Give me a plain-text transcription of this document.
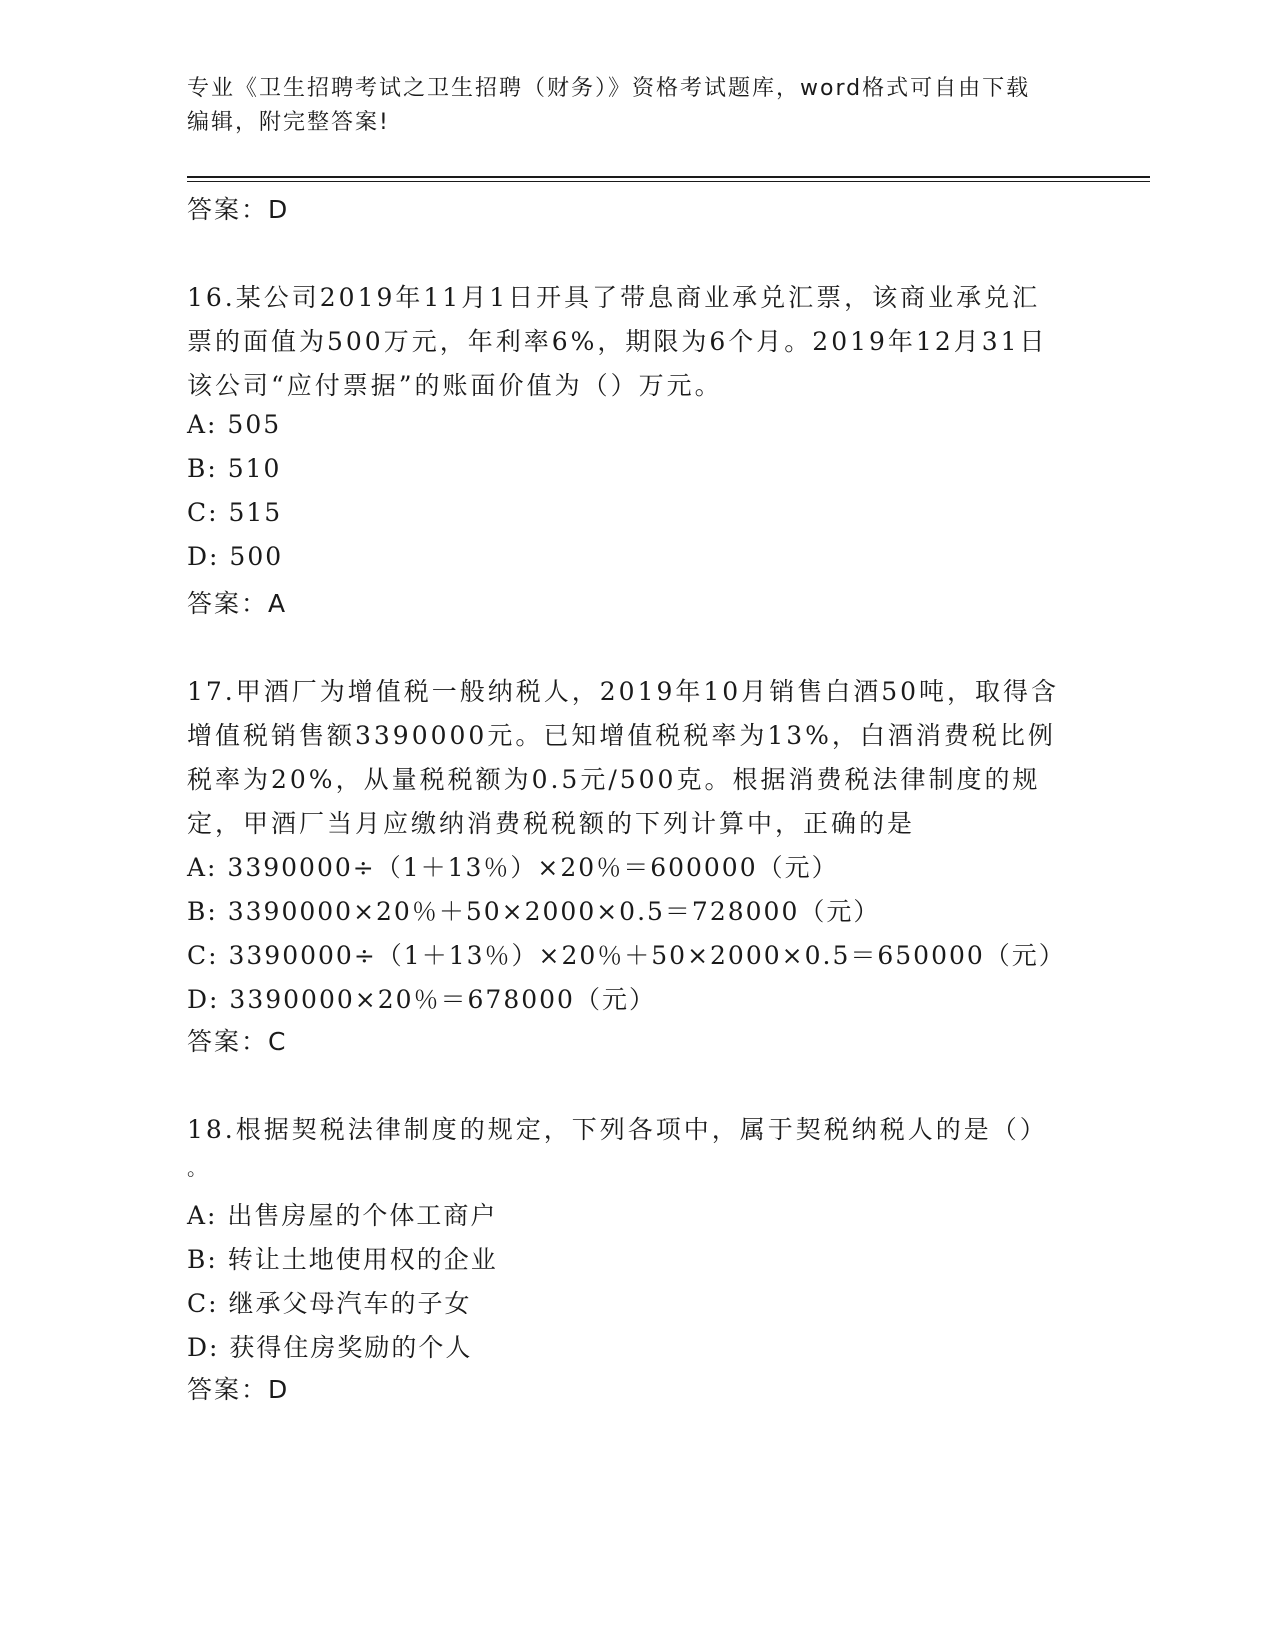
专业《卫生招聘考试之卫生招聘（财务）》资格考试题库，word格式可自由下载
编辑，附完整答案!
答案：D
16.某公司2019年11月1日开具了带息商业承兑汇票，该商业承兑汇
票的面值为500万元，年利率6%，期限为6个月。2019年12月31日
该公司“应付票据”的账面价值为（）万元。
A: 505
B: 510
C: 515
D: 500
答案：A
17.甲酒厂为增值税一般纳税人，2019年10月销售白酒50吨，取得含
增值税销售额3390000元。已知增值税税率为13%，白酒消费税比例
税率为20%，从量税税额为0.5元/500克。根据消费税法律制度的规
定，甲酒厂当月应缴纳消费税税额的下列计算中，正确的是
A: 3390000÷（1＋13％）×20％＝600000（元）
B: 3390000×20％＋50×2000×0.5＝728000（元）
C: 3390000÷（1＋13％）×20％＋50×2000×0.5＝650000（元）
D: 3390000×20％＝678000（元）
答案：C
18.根据契税法律制度的规定，下列各项中，属于契税纳税人的是（）
。
A: 出售房屋的个体工商户
B: 转让土地使用权的企业
C: 继承父母汽车的子女
D: 获得住房奖励的个人
答案：D
